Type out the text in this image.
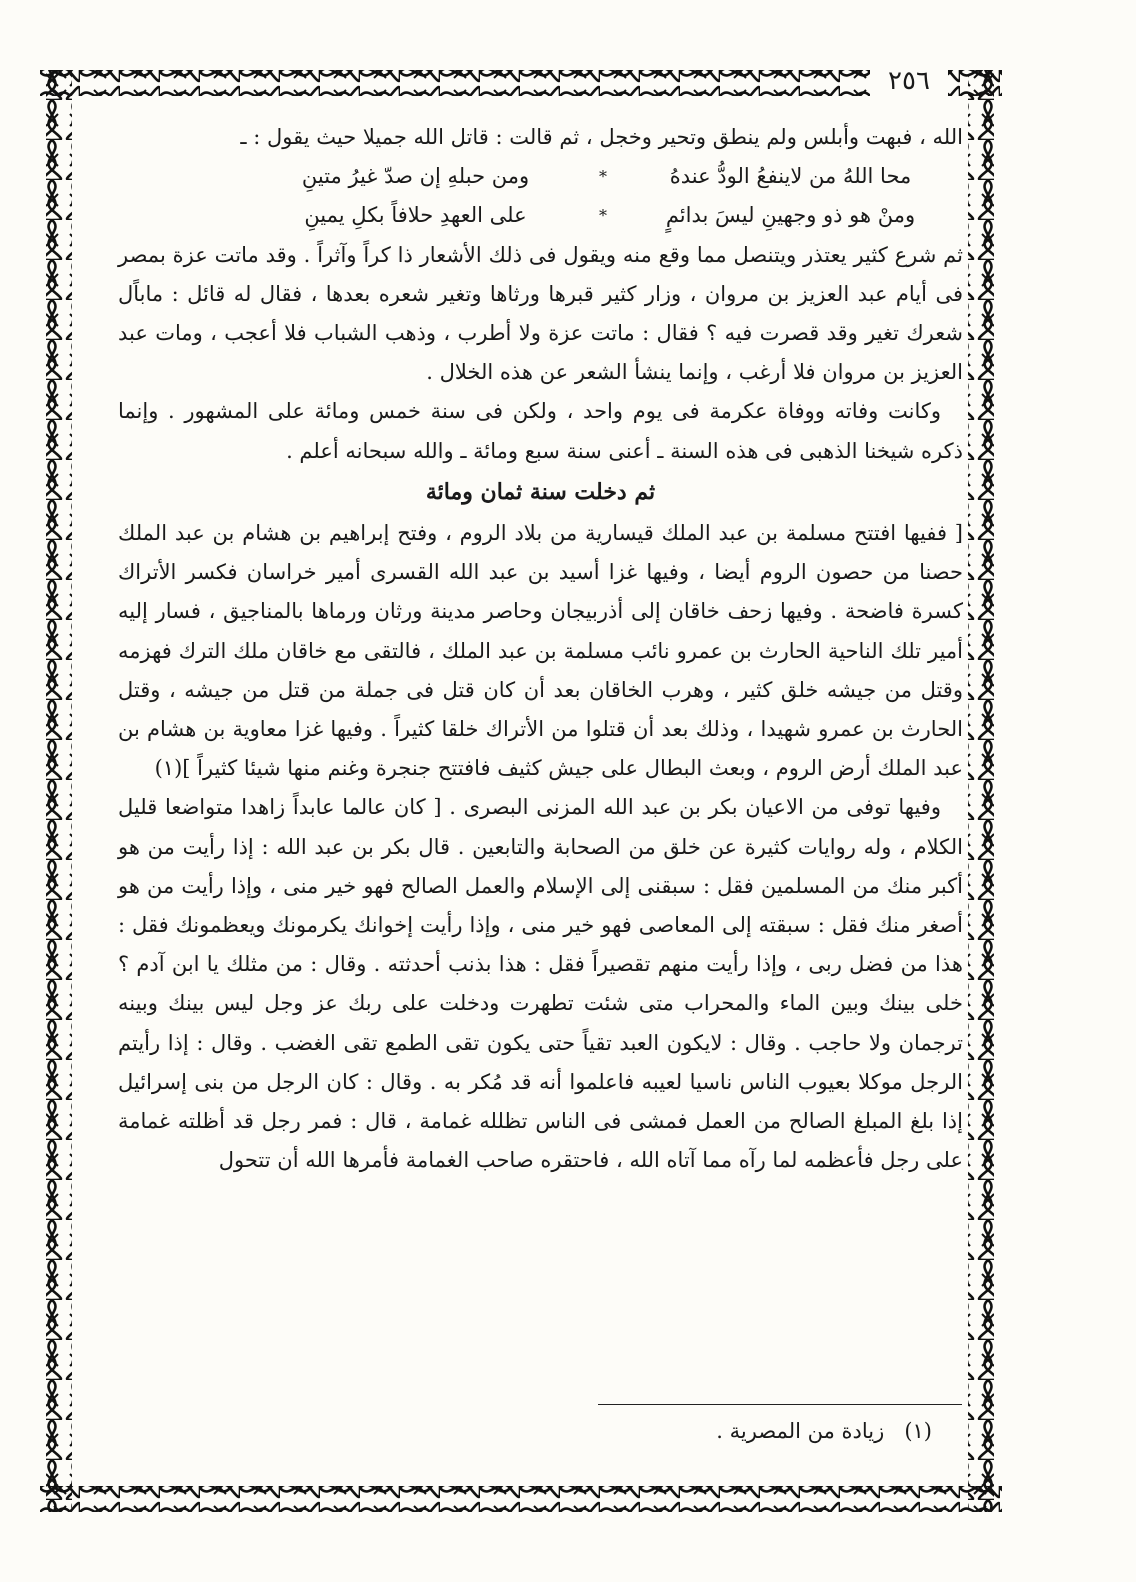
٢٥٦

الله ، فبهت وأبلس ولم ينطق وتحير وخجل ، ثم قالت : قاتل الله جميلا حيث يقول : ـ

محا اللهُ من لاينفعُ الودُّ عندهُ
*
ومن حبلهِ إن صدّ غيرُ متينِ
ومنْ هو ذو وجهينِ ليسَ بدائمٍ
*
على العهدِ حلافاً بكلِ يمينِ

ثم شرع كثير يعتذر ويتنصل مما وقع منه ويقول فى ذلك الأشعار ذا كراً وآثراً . وقد ماتت عزة بمصر فى أيام عبد العزيز بن مروان ، وزار كثير قبرها ورثاها وتغير شعره بعدها ، فقال له قائل : ماباًل شعرك تغير وقد قصرت فيه ؟ فقال : ماتت عزة ولا أطرب ، وذهب الشباب فلا أعجب ، ومات عبد العزيز بن مروان فلا أرغب ، وإنما ينشأ الشعر عن هذه الخلال .

وكانت وفاته ووفاة عكرمة فى يوم واحد ، ولكن فى سنة خمس ومائة على المشهور . وإنما ذكره شيخنا الذهبى فى هذه السنة ـ أعنى سنة سبع ومائة ـ والله سبحانه أعلم .

ثم دخلت سنة ثمان ومائة

[ ففيها افتتح مسلمة بن عبد الملك قيسارية من بلاد الروم ، وفتح إبراهيم بن هشام بن عبد الملك حصنا من حصون الروم أيضا ، وفيها غزا أسيد بن عبد الله القسرى أمير خراسان فكسر الأتراك كسرة فاضحة . وفيها زحف خاقان إلى أذربيجان وحاصر مدينة ورثان ورماها بالمناجيق ، فسار إليه أمير تلك الناحية الحارث بن عمرو نائب مسلمة بن عبد الملك ، فالتقى مع خاقان ملك الترك فهزمه وقتل من جيشه خلق كثير ، وهرب الخاقان بعد أن كان قتل فى جملة من قتل من جيشه ، وقتل الحارث بن عمرو شهيدا ، وذلك بعد أن قتلوا من الأتراك خلقا كثيراً . وفيها غزا معاوية بن هشام بن عبد الملك أرض الروم ، وبعث البطال على جيش كثيف فافتتح جنجرة وغنم منها شيئا كثيراً ](١)

وفيها توفى من الاعيان بكر بن عبد الله المزنى البصرى . [ كان عالما عابداً زاهدا متواضعا قليل الكلام ، وله روايات كثيرة عن خلق من الصحابة والتابعين . قال بكر بن عبد الله : إذا رأيت من هو أكبر منك من المسلمين فقل : سبقنى إلى الإسلام والعمل الصالح فهو خير منى ، وإذا رأيت من هو أصغر منك فقل : سبقته إلى المعاصى فهو خير منى ، وإذا رأيت إخوانك يكرمونك ويعظمونك فقل : هذا من فضل ربى ، وإذا رأيت منهم تقصيراً فقل : هذا بذنب أحدثته . وقال : من مثلك يا ابن آدم ؟ خلى بينك وبين الماء والمحراب متى شئت تطهرت ودخلت على ربك عز وجل ليس بينك وبينه ترجمان ولا حاجب . وقال : لايكون العبد تقياً حتى يكون تقى الطمع تقى الغضب . وقال : إذا رأيتم الرجل موكلا بعيوب الناس ناسيا لعيبه فاعلموا أنه قد مُكر به . وقال : كان الرجل من بنى إسرائيل إذا بلغ المبلغ الصالح من العمل فمشى فى الناس تظلله غمامة ، قال : فمر رجل قد أظلته غمامة على رجل فأعظمه لما رآه مما آتاه الله ، فاحتقره صاحب الغمامة فأمرها الله أن تتحول

(١)   زيادة من المصرية .
